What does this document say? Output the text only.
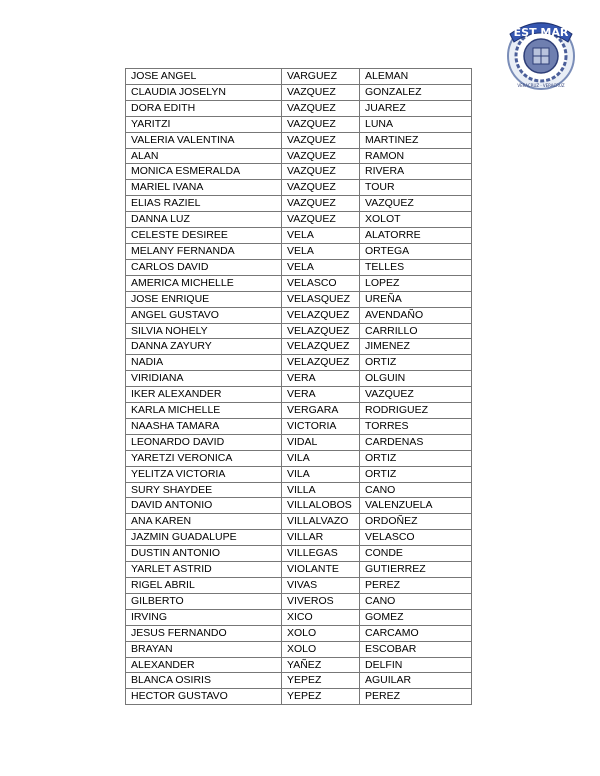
EST MAR
VERACRUZ · VERACRUZ
JOSE ANGEL	VARGUEZ	ALEMAN
CLAUDIA JOSELYN	VAZQUEZ	GONZALEZ
DORA EDITH	VAZQUEZ	JUAREZ
YARITZI	VAZQUEZ	LUNA
VALERIA VALENTINA	VAZQUEZ	MARTINEZ
ALAN	VAZQUEZ	RAMON
MONICA ESMERALDA	VAZQUEZ	RIVERA
MARIEL IVANA	VAZQUEZ	TOUR
ELIAS RAZIEL	VAZQUEZ	VAZQUEZ
DANNA LUZ	VAZQUEZ	XOLOT
CELESTE DESIREE	VELA	ALATORRE
MELANY FERNANDA	VELA	ORTEGA
CARLOS DAVID	VELA	TELLES
AMERICA MICHELLE	VELASCO	LOPEZ
JOSE ENRIQUE	VELASQUEZ	UREÑA
ANGEL GUSTAVO	VELAZQUEZ	AVENDAÑO
SILVIA NOHELY	VELAZQUEZ	CARRILLO
DANNA ZAYURY	VELAZQUEZ	JIMENEZ
NADIA	VELAZQUEZ	ORTIZ
VIRIDIANA	VERA	OLGUIN
IKER ALEXANDER	VERA	VAZQUEZ
KARLA MICHELLE	VERGARA	RODRIGUEZ
NAASHA TAMARA	VICTORIA	TORRES
LEONARDO DAVID	VIDAL	CARDENAS
YARETZI VERONICA	VILA	ORTIZ
YELITZA VICTORIA	VILA	ORTIZ
SURY SHAYDEE	VILLA	CANO
DAVID ANTONIO	VILLALOBOS	VALENZUELA
ANA KAREN	VILLALVAZO	ORDOÑEZ
JAZMIN GUADALUPE	VILLAR	VELASCO
DUSTIN ANTONIO	VILLEGAS	CONDE
YARLET ASTRID	VIOLANTE	GUTIERREZ
RIGEL ABRIL	VIVAS	PEREZ
GILBERTO	VIVEROS	CANO
IRVING	XICO	GOMEZ
JESUS FERNANDO	XOLO	CARCAMO
BRAYAN	XOLO	ESCOBAR
ALEXANDER	YAÑEZ	DELFIN
BLANCA OSIRIS	YEPEZ	AGUILAR
HECTOR GUSTAVO	YEPEZ	PEREZ
